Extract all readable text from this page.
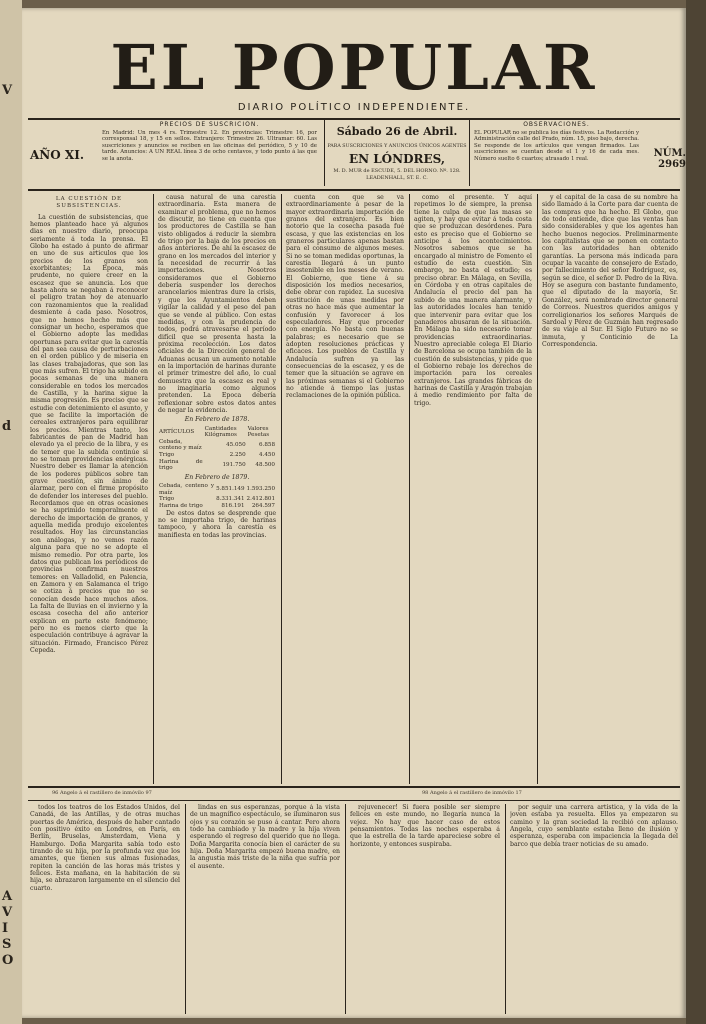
V
d
A
V
I
S
O
EL POPULAR
DIARIO POLÍTICO INDEPENDIENTE.
AÑO XI.
PRECIOS DE SUSCRICION.
En Madrid: Un mes 4 rs. Trimestre 12. En provincias: Trimestre 16, por corresponsal 18, y 15 en sellos. Extranjero: Trimestre 26. Ultramar: 60. Las suscriciones y anuncios se reciben en las oficinas del periódico, 5 y 10 de tarde. Anuncios: A UN REAL línea 3 de ocho centavos, y todo punto á las que se la anota.
Sábado 26 de Abril.
PARA SUSCRICIONES Y ANUNCIOS ÚNICOS AGENTES
EN LÓNDRES,
M. D. MUR de ESCUDE, 5. DEL HORNO. Nº. 128. LEADENHALL, ST. E. C.
OBSERVACIONES.
EL POPULAR no se publica los días festivos. La Redacción y Administración calle del Prado, núm. 15, piso bajo, derecha. Se responde de los artículos que vengan firmados. Las suscriciones se cuentan desde el 1 y 16 de cada mes. Número suelto 6 cuartos; atrasado 1 real.	NÚM. 2969

LA CUESTIÓN DE SUBSISTENCIAS.

La cuestión de subsistencias, que hemos planteado hace yá algunos dias en nuestro diario, preocupa seriamente á toda la prensa. El Globo ha estado á punto de afirmar en uno de sus articulos que los precios de los granos son exorbitantes; La Epoca, más prudente, no quiere creer en la escasez que se anuncia. Los que hasta ahora se negaban á reconocer el peligro tratan hoy de atenuarlo con razonamientos que la realidad desmiente á cada paso. Nosotros, que no hemos hecho más que consignar un hecho, esperamos que el Gobierno adopte las medidas oportunas para evitar que la carestía del pan sea causa de perturbaciones en el orden público y de miseria en las clases trabajadoras, que son las que más sufren. El trigo ha subido en pocas semanas de una manera considerable en todos los mercados de Castilla, y la harina sigue la misma progresión. Es preciso que se estudie con detenimiento el asunto, y que se facilite la importación de cereales extranjeros para equilibrar los precios. Mientras tanto, los fabricantes de pan de Madrid han elevado ya el precio de la libra, y es de temer que la subida continúe si no se toman providencias enérgicas. Nuestro deber es llamar la atención de los poderes públicos sobre tan grave cuestión, sin ánimo de alarmar, pero con el firme propósito de defender los intereses del pueblo. Recordamos que en otras ocasiones se ha suprimido temporalmente el derecho de importación de granos, y aquella medida produjo excelentes resultados. Hoy las circunstancias son análogas, y no vemos razón alguna para que no se adopte el mismo remedio. Por otra parte, los datos que publican los periódicos de provincias confirman nuestros temores: en Valladolid, en Palencia, en Zamora y en Salamanca el trigo se cotiza á precios que no se conocían desde hace muchos años. La falta de lluvias en el invierno y la escasa cosecha del año anterior explican en parte este fenómeno; pero no es menos cierto que la especulación contribuye á agravar la situación. Firmado, Francisco Pérez Cepeda.

causa natural de una carestía extraordinaria. Esta manera de examinar el problema, que no hemos de discutir, no tiene en cuenta que los productores de Castilla se han visto obligados á reducir la siembra de trigo por la baja de los precios en años anteriores. De ahí la escasez de grano en los mercados del interior y la necesidad de recurrir á las importaciones. Nosotros consideramos que el Gobierno debería suspender los derechos arancelarios mientras dure la crisis, y que los Ayuntamientos deben vigilar la calidad y el peso del pan que se vende al público. Con estas medidas, y con la prudencia de todos, podrá atravesarse el período difícil que se presenta hasta la próxima recolección. Los datos oficiales de la Dirección general de Aduanas acusan un aumento notable en la importación de harinas durante el primer trimestre del año, lo cual demuestra que la escasez es real y no imaginaria como algunos pretenden. La Epoca debería reflexionar sobre estos datos antes de negar la evidencia.

En Febrero de 1878.

ARTÍCULOS	Cantidades Kilógramos	Valores Pesetas
Cebada, centeno y maíz	45.050	6.858
Trigo	2.250	4.450
Harina de trigo	191.750	48.500

En Febrero de 1879.

Cebada, centeno y maíz	5.851.149	1.593.250
Trigo	8.331.341	2.412.801
Harina de trigo	816.191	264.597

De estos datos se desprende que no se importaba trigo, de harinas tampoco, y ahora la carestía es manifiesta en todas las provincias.

cuenta con que se va extraordinariamente á pesar de la mayor extraordinaria importación de granos del extranjero. Es bien notorio que la cosecha pasada fué escasa, y que las existencias en los graneros particulares apenas bastan para el consumo de algunos meses. Si no se toman medidas oportunas, la carestía llegará á un punto insostenible en los meses de verano. El Gobierno, que tiene á su disposición los medios necesarios, debe obrar con rapidez. La sucesiva sustitución de unas medidas por otras no hace más que aumentar la confusión y favorecer á los especuladores. Hay que proceder con energía. No basta con buenas palabras; es necesario que se adopten resoluciones prácticas y eficaces. Los pueblos de Castilla y Andalucía sufren ya las consecuencias de la escasez, y es de temer que la situación se agrave en las próximas semanas si el Gobierno no atiende á tiempo las justas reclamaciones de la opinión pública.

como el presente. Y aquí repetimos lo de siempre, la prensa tiene la culpa de que las masas se agiten, y hay que evitar á toda costa que se produzcan desórdenes. Para esto es preciso que el Gobierno se anticipe á los acontecimientos. Nosotros sabemos que se ha encargado al ministro de Fomento el estudio de esta cuestión. Sin embargo, no basta el estudio; es preciso obrar. En Málaga, en Sevilla, en Córdoba y en otras capitales de Andalucía el precio del pan ha subido de una manera alarmante, y las autoridades locales han tenido que intervenir para evitar que los panaderos abusaran de la situación. En Málaga ha sido necesario tomar providencias extraordinarias. Nuestro apreciable colega El Diario de Barcelona se ocupa también de la cuestión de subsistencias, y pide que el Gobierno rebaje los derechos de importación para los cereales extranjeros. Las grandes fábricas de harinas de Castilla y Aragón trabajan á medio rendimiento por falta de trigo.

y el capital de la casa de su nombre ha sido llamado á la Corte para dar cuenta de las compras que ha hecho. El Globo, que de todo entiende, dice que las ventas han sido considerables y que los agentes han hecho buenos negocios. Preliminarmente los capitalistas que se ponen en contacto con las autoridades han obtenido garantías. La persona más indicada para ocupar la vacante de consejero de Estado, por fallecimiento del señor Rodríguez, es, según se dice, el señor D. Pedro de la Riva. Hoy se asegura con bastante fundamento, que el diputado de la mayoría, Sr. González, será nombrado director general de Correos. Nuestros queridos amigos y correligionarios los señores Marqués de Sardoal y Pérez de Guzmán han regresado de su viaje al Sur. El Siglo Futuro no se inmuta, y Conticinio de La Correspondencia.

96 Angelo á el rastillero de inmóvilo 97	98 Angelo á el rastillero de inmóvilo 17

todos los teatros de los Estados Unidos, del Canadá, de las Antillas, y de otras muchas puertas de América, después de haber cantado con positivo éxito en Londres, en París, en Berlín, Bruselas, Amsterdam, Viena y Hamburgo. Doña Margarita sabía todo esto tirando de su hija, por la profunda vez que los amantes, que tienen sus almas fusionadas, repiten la canción de las horas más tristes y felices. Esta mañana, en la habitación de su hija, se abrazaron largamente en el silencio del cuarto.

lindas en sus esperanzas, porque á la vista de un magnífico espectáculo, se iluminaron sus ojos y su corazón se puso á cantar. Pero ahora todo ha cambiado y la madre y la hija viven esperando el regreso del querido que no llega. Doña Margarita conocía bien el carácter de su hija. Doña Margarita empezó buena madre, en la angustia más triste de la niña que sufría por el ausente.

rejuvenecer! Si fuera posible ser siempre felices en este mundo, no llegaría nunca la vejez. No hay que hacer caso de estos pensamientos. Todas las noches esperaba á que la estrella de la tarde apareciese sobre el horizonte, y entonces suspiraba.

por seguir una carrera artística, y la vida de la joven estaba ya resuelta. Ellos ya empezaron su camino y la gran sociedad la recibió con aplauso. Angela, cuyo semblante estaba lleno de ilusión y esperanza, esperaba con impaciencia la llegada del barco que debía traer noticias de su amado.
